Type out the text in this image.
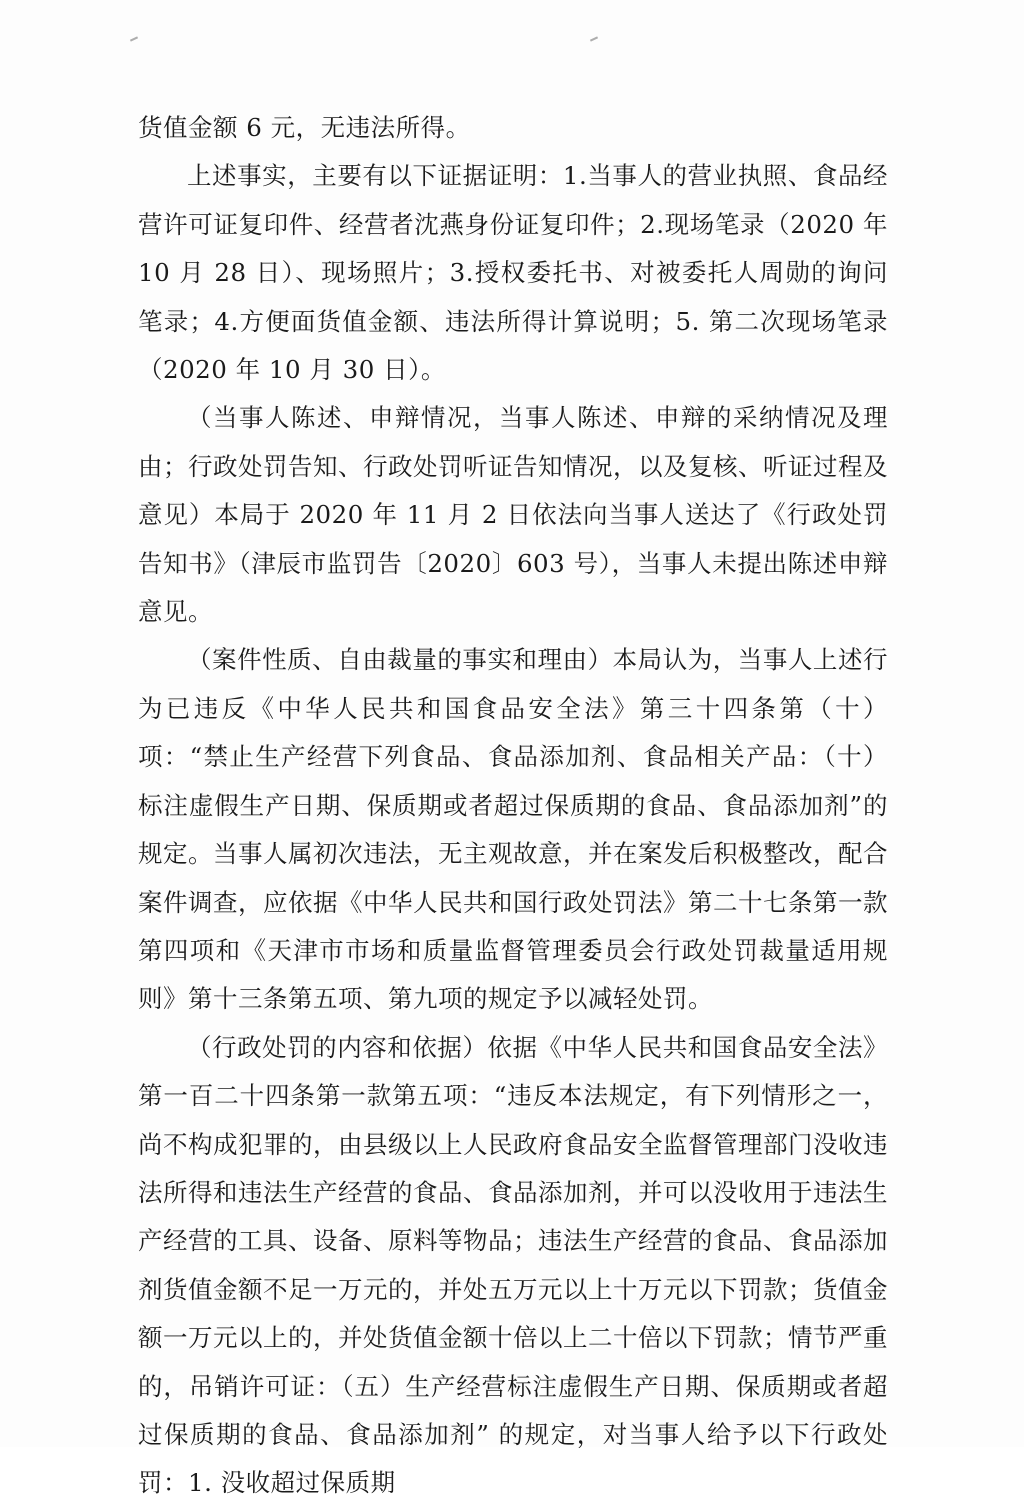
货值金额 6 元，无违法所得。

上述事实，主要有以下证据证明：1.当事人的营业执照、食品经营许可证复印件、经营者沈燕身份证复印件；2.现场笔录（2020 年 10 月 28 日）、现场照片；3.授权委托书、对被委托人周勋的询问笔录；4.方便面货值金额、违法所得计算说明；5. 第二次现场笔录（2020 年 10 月 30 日）。

（当事人陈述、申辩情况，当事人陈述、申辩的采纳情况及理由；行政处罚告知、行政处罚听证告知情况，以及复核、听证过程及意见）本局于 2020 年 11 月 2 日依法向当事人送达了《行政处罚告知书》（津辰市监罚告〔2020〕603 号），当事人未提出陈述申辩意见。

（案件性质、自由裁量的事实和理由）本局认为，当事人上述行为已违反《中华人民共和国食品安全法》第三十四条第（十）项：“禁止生产经营下列食品、食品添加剂、食品相关产品：（十）标注虚假生产日期、保质期或者超过保质期的食品、食品添加剂”的规定。当事人属初次违法，无主观故意，并在案发后积极整改，配合案件调查，应依据《中华人民共和国行政处罚法》第二十七条第一款第四项和《天津市市场和质量监督管理委员会行政处罚裁量适用规则》第十三条第五项、第九项的规定予以减轻处罚。

（行政处罚的内容和依据）依据《中华人民共和国食品安全法》第一百二十四条第一款第五项：“违反本法规定，有下列情形之一，尚不构成犯罪的，由县级以上人民政府食品安全监督管理部门没收违法所得和违法生产经营的食品、食品添加剂，并可以没收用于违法生产经营的工具、设备、原料等物品；违法生产经营的食品、食品添加剂货值金额不足一万元的，并处五万元以上十万元以下罚款；货值金额一万元以上的，并处货值金额十倍以上二十倍以下罚款；情节严重的，吊销许可证：（五）生产经营标注虚假生产日期、保质期或者超过保质期的食品、食品添加剂” 的规定，对当事人给予以下行政处罚：1. 没收超过保质期
